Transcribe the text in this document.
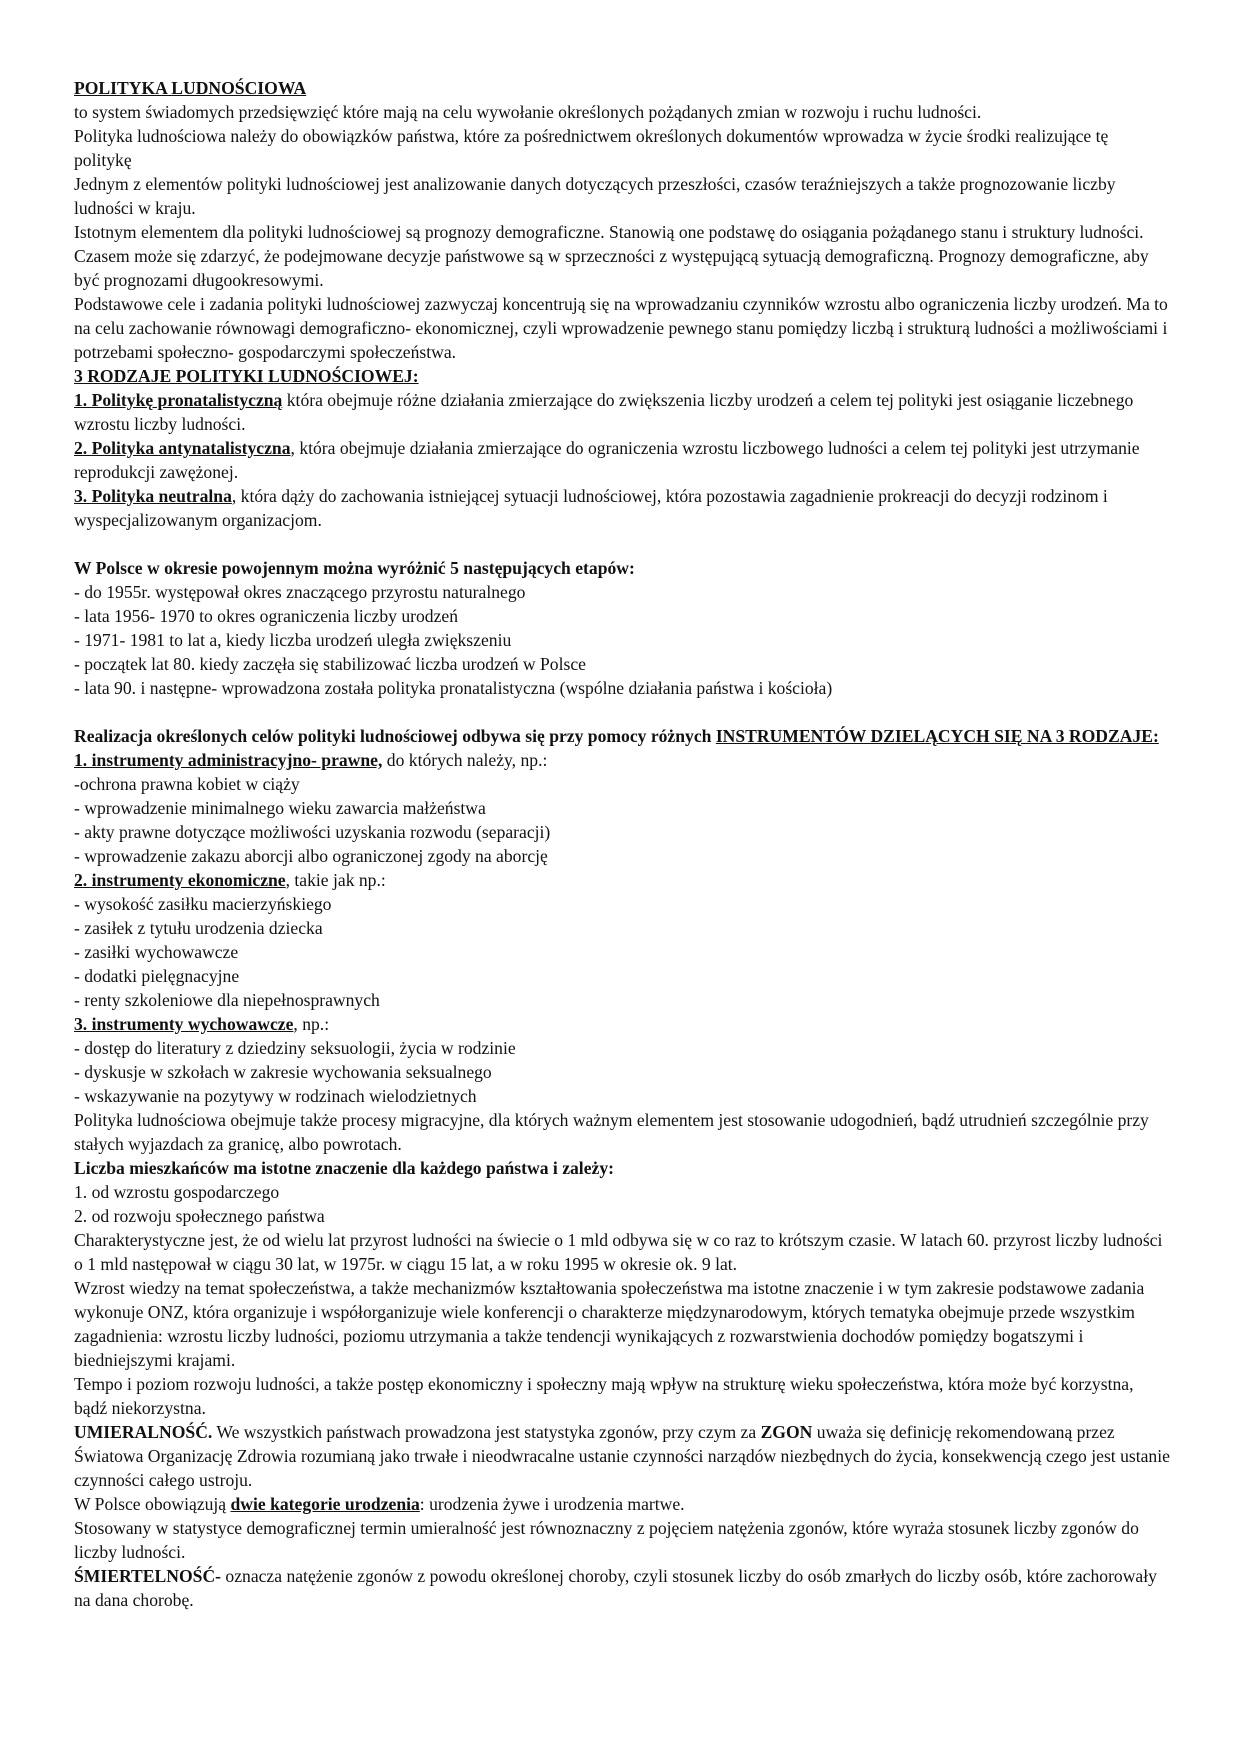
POLITYKA LUDNOŚCIOWA

to system świadomych przedsięwzięć które mają na celu wywołanie określonych pożądanych zmian w rozwoju i ruchu ludności.

Polityka ludnościowa należy do obowiązków państwa, które za pośrednictwem określonych dokumentów wprowadza w życie środki realizujące tę politykę

Jednym z elementów polityki ludnościowej jest analizowanie danych dotyczących przeszłości, czasów teraźniejszych a także prognozowanie liczby ludności w kraju.

Istotnym elementem dla polityki ludnościowej są prognozy demograficzne. Stanowią one podstawę do osiągania pożądanego stanu i struktury ludności. Czasem może się zdarzyć, że podejmowane decyzje państwowe są w sprzeczności z występującą sytuacją demograficzną. Prognozy demograficzne, aby być prognozami długookresowymi.

Podstawowe cele i zadania polityki ludnościowej zazwyczaj koncentrują się na wprowadzaniu czynników wzrostu albo ograniczenia liczby urodzeń. Ma to na celu zachowanie równowagi demograficzno- ekonomicznej, czyli wprowadzenie pewnego stanu pomiędzy liczbą i strukturą ludności a możliwościami i potrzebami społeczno- gospodarczymi społeczeństwa.

3 RODZAJE POLITYKI LUDNOŚCIOWEJ:

1. Politykę pronatalistyczną która obejmuje różne działania zmierzające do zwiększenia liczby urodzeń a celem tej polityki jest osiąganie liczebnego wzrostu liczby ludności.

2. Polityka antynatalistyczna, która obejmuje działania zmierzające do ograniczenia wzrostu liczbowego ludności a celem tej polityki jest utrzymanie reprodukcji zawężonej.

3. Polityka neutralna, która dąży do zachowania istniejącej sytuacji ludnościowej, która pozostawia zagadnienie prokreacji do decyzji rodzinom i wyspecjalizowanym organizacjom.

W Polsce w okresie powojennym można wyróżnić 5 następujących etapów:

- do 1955r. występował okres znaczącego przyrostu naturalnego

- lata 1956- 1970 to okres ograniczenia liczby urodzeń

- 1971- 1981 to lat a, kiedy liczba urodzeń uległa zwiększeniu

- początek lat 80. kiedy zaczęła się stabilizować liczba urodzeń w Polsce

- lata 90. i następne- wprowadzona została polityka pronatalistyczna (wspólne działania państwa i kościoła)

Realizacja określonych celów polityki ludnościowej odbywa się przy pomocy różnych INSTRUMENTÓW DZIELĄCYCH SIĘ NA 3 RODZAJE:

1. instrumenty administracyjno- prawne, do których należy, np.:

-ochrona prawna kobiet w ciąży

- wprowadzenie minimalnego wieku zawarcia małżeństwa

- akty prawne dotyczące możliwości uzyskania rozwodu (separacji)

- wprowadzenie zakazu aborcji albo ograniczonej zgody na aborcję

2. instrumenty ekonomiczne, takie jak np.:

- wysokość zasiłku macierzyńskiego

- zasiłek z tytułu urodzenia dziecka

- zasiłki wychowawcze

- dodatki pielęgnacyjne

- renty szkoleniowe dla niepełnosprawnych

3. instrumenty wychowawcze, np.:

- dostęp do literatury z dziedziny seksuologii, życia w rodzinie

- dyskusje w szkołach w zakresie wychowania seksualnego

- wskazywanie na pozytywy w rodzinach wielodzietnych

Polityka ludnościowa obejmuje także procesy migracyjne, dla których ważnym elementem jest stosowanie udogodnień, bądź utrudnień szczególnie przy stałych wyjazdach za granicę, albo powrotach.

Liczba mieszkańców ma istotne znaczenie dla każdego państwa i zależy:

1. od wzrostu gospodarczego

2. od rozwoju społecznego państwa

Charakterystyczne jest, że od wielu lat przyrost ludności na świecie o 1 mld odbywa się w co raz to krótszym czasie. W latach 60. przyrost liczby ludności o 1 mld następował w ciągu 30 lat, w 1975r. w ciągu 15 lat, a w roku 1995 w okresie ok. 9 lat.

Wzrost wiedzy na temat społeczeństwa, a także mechanizmów kształtowania społeczeństwa ma istotne znaczenie i w tym zakresie podstawowe zadania wykonuje ONZ, która organizuje i współorganizuje wiele konferencji o charakterze międzynarodowym, których tematyka obejmuje przede wszystkim zagadnienia: wzrostu liczby ludności, poziomu utrzymania a także tendencji wynikających z rozwarstwienia dochodów pomiędzy bogatszymi i biedniejszymi krajami.

Tempo i poziom rozwoju ludności, a także postęp ekonomiczny i społeczny mają wpływ na strukturę wieku społeczeństwa, która może być korzystna, bądź niekorzystna.

UMIERALNOŚĆ. We wszystkich państwach prowadzona jest statystyka zgonów, przy czym za ZGON uważa się definicję rekomendowaną przez Światowa Organizację Zdrowia rozumianą jako trwałe i nieodwracalne ustanie czynności narządów niezbędnych do życia, konsekwencją czego jest ustanie czynności całego ustroju.

W Polsce obowiązują dwie kategorie urodzenia: urodzenia żywe i urodzenia martwe.

Stosowany w statystyce demograficznej termin umieralność jest równoznaczny z pojęciem natężenia zgonów, które wyraża stosunek liczby zgonów do liczby ludności.

ŚMIERTELNOŚĆ- oznacza natężenie zgonów z powodu określonej choroby, czyli stosunek liczby do osób zmarłych do liczby osób, które zachorowały na dana chorobę.
